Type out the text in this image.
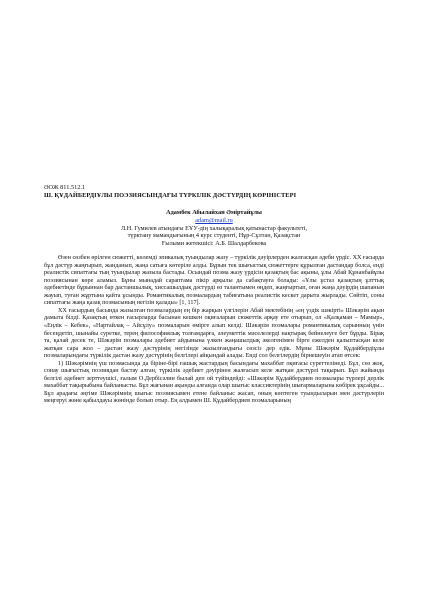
ӘОЖ 811.512.1
Ш. ҚҰДАЙБЕРДІҰЛЫ ПОЭЗИЯСЫНДАҒЫ ТҮРКІЛІК ДӘСТҮРДІҢ КӨРІНІСТЕРІ
Адамбек Абылайхан Әміртайұлы
adam@mail.ru
Л.Н. Гумилев атындағы ЕҰУ-дің халықаралық қатынастар факультеті,
түрктану мамандығының 4 курс студенті, Нұр-Сұлтан, Қазақстан
Ғылыми жетекшісі: А.Б. Шалдарбекова

Өзен сөзбен өрілген сюжетті, көлемді эпикалық туындылар жазу – түркілік дәуірлерден жалғасқан әдеби үрдіс. ХХ ғасырда бұл дәстүр жаңғырып, жанданып, жаңа сатыға көтеріле алды. Бұрын тек шығыстық сюжеттерге құрылған дастандар болса, енді реалистік сипаттағы тың туындылар жазыла бастады. Осындай поэма жазу үрдісін қазақтың бас ақыны, ұлы Абай Құнанбайұлы поэзиясынан көре аламыз. Бұны мынадай сараптама пікір арқылы да сабақтауға болады: «Ұлы ұстаз қазақтың ұлттық әдебиетінде бұрыннан бар дастаншылық, хиссашылдық дәстүрді өз талантымен өңдеп, жаңғыртып, оған жаңа дәуірдің шапанын жауып, туған жұртына қайта ұсынды. Романтикалық поэмалардың табиғатына реалистік кескет дарыта жырлады. Сөйтіп, соны сипаттағы жаңа қазақ поэмасының негізін қалады» [1, 117].

ХХ ғасырдың басында жазылған поэмалардың ең бір жарқын үлгілерін Абай мектебінің «ең үздік шәкірті» Шәкәрім ақын дамыта білді. Қазақтың өткен ғасырларда басынан кешкен оқиғаларын сюжеттік арқау ете отырып, ол «Қалқаман – Мамыр», «Еңлік – Кебек», «Нартайлақ – Айсұлу» поэмаларын өмірге алып келді. Шәкәрім поэмалары романтикалық сарынның үнін бесеңдетіп, шынайы суретке, терең философиялық толғамдарға, әлеуметтік мәселелерді нақтырақ бейнелеуге бет бұрды. Бірақ та, қалай десек те, Шәкәрім поэмалары әдебиет айдынына үлкен жаңашылдық әкелгенімен бірге ежелден қалыптасқан келе жатқан сара жол – дастан жазу дәстүрінің негізінде жазылғандығы сөзсіз дер едік. Мұны Шәкәрім Құдайбердіұлы поэмаларындағы түркілік дастан жазу дәстүрінің белгілері айқындай алады. Енді сол белгілердің бірнешеуін атап өтсек:

1) Шәкәрімнің үш поэмасында да біріне-бірі ғашық жастардың басындағы махаббат оқиғасы суреттелінеді. Бұл, сөз жоқ, сонау шығыстық поэзиядан бастау алған, түркілік әдебиет дәуірінен жалғасып келе жатқан дәстүрлі тақырып. Бұл жайында белгілі әдебиет зерттеушісі, ғалым О.Дербісәлин былай деп ой түйіндейді: «Шәкәрім Құдайбердиев поэмалары түрлері дерлік махаббат тақырыбына байланысты. Бұл жағынан ақынды алғанда олар шығыс классиктерінің шығармаларына көбірек ұқсайды... Бұл арадағы әңгіме Шәкәрімнің шығыс поэзиясымен етене байланыс жасап, оның көптеген туындыларын мен дәстүрлерін меңгеруі жөне қабылдауы жөнінде болып отыр. Ең алдымен Ш. Құдайбердиев поэмаларының
